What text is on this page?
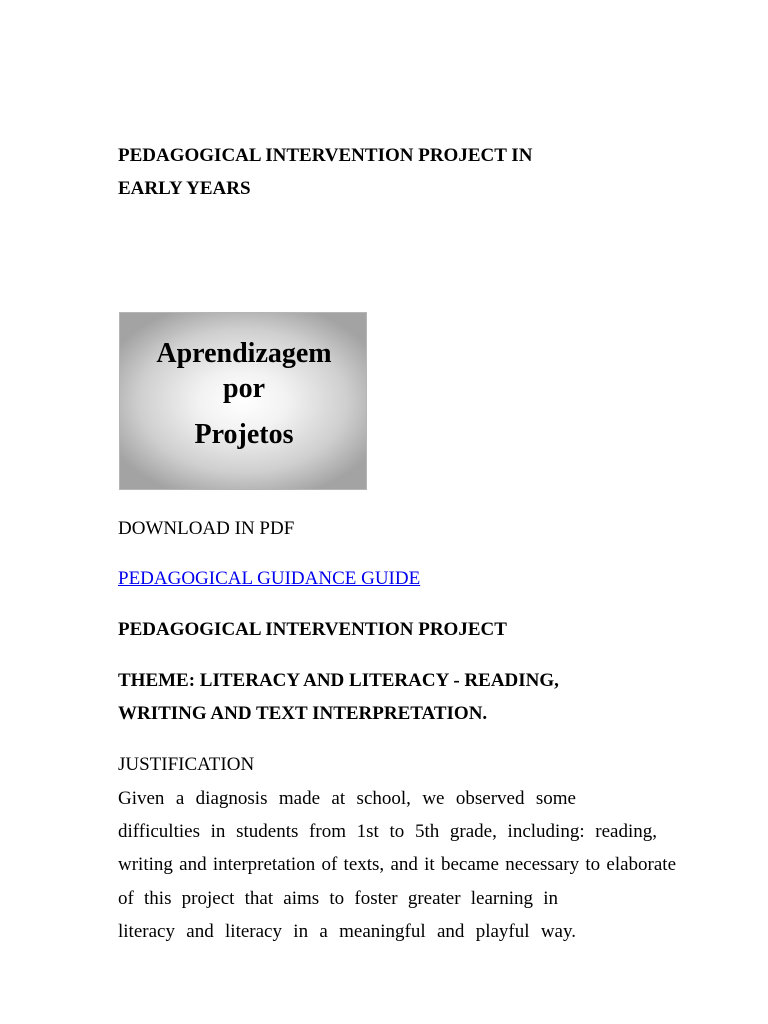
PEDAGOGICAL INTERVENTION PROJECT IN
EARLY YEARS
Aprendizagem
por
Projetos
DOWNLOAD IN PDF
PEDAGOGICAL GUIDANCE GUIDE
PEDAGOGICAL INTERVENTION PROJECT
THEME: LITERACY AND LITERACY - READING,
WRITING AND TEXT INTERPRETATION.
JUSTIFICATION
Given a diagnosis made at school, we observed some
difficulties in students from 1st to 5th grade, including: reading,
writing and interpretation of texts, and it became necessary to elaborate
of this project that aims to foster greater learning in
literacy and literacy in a meaningful and playful way.
